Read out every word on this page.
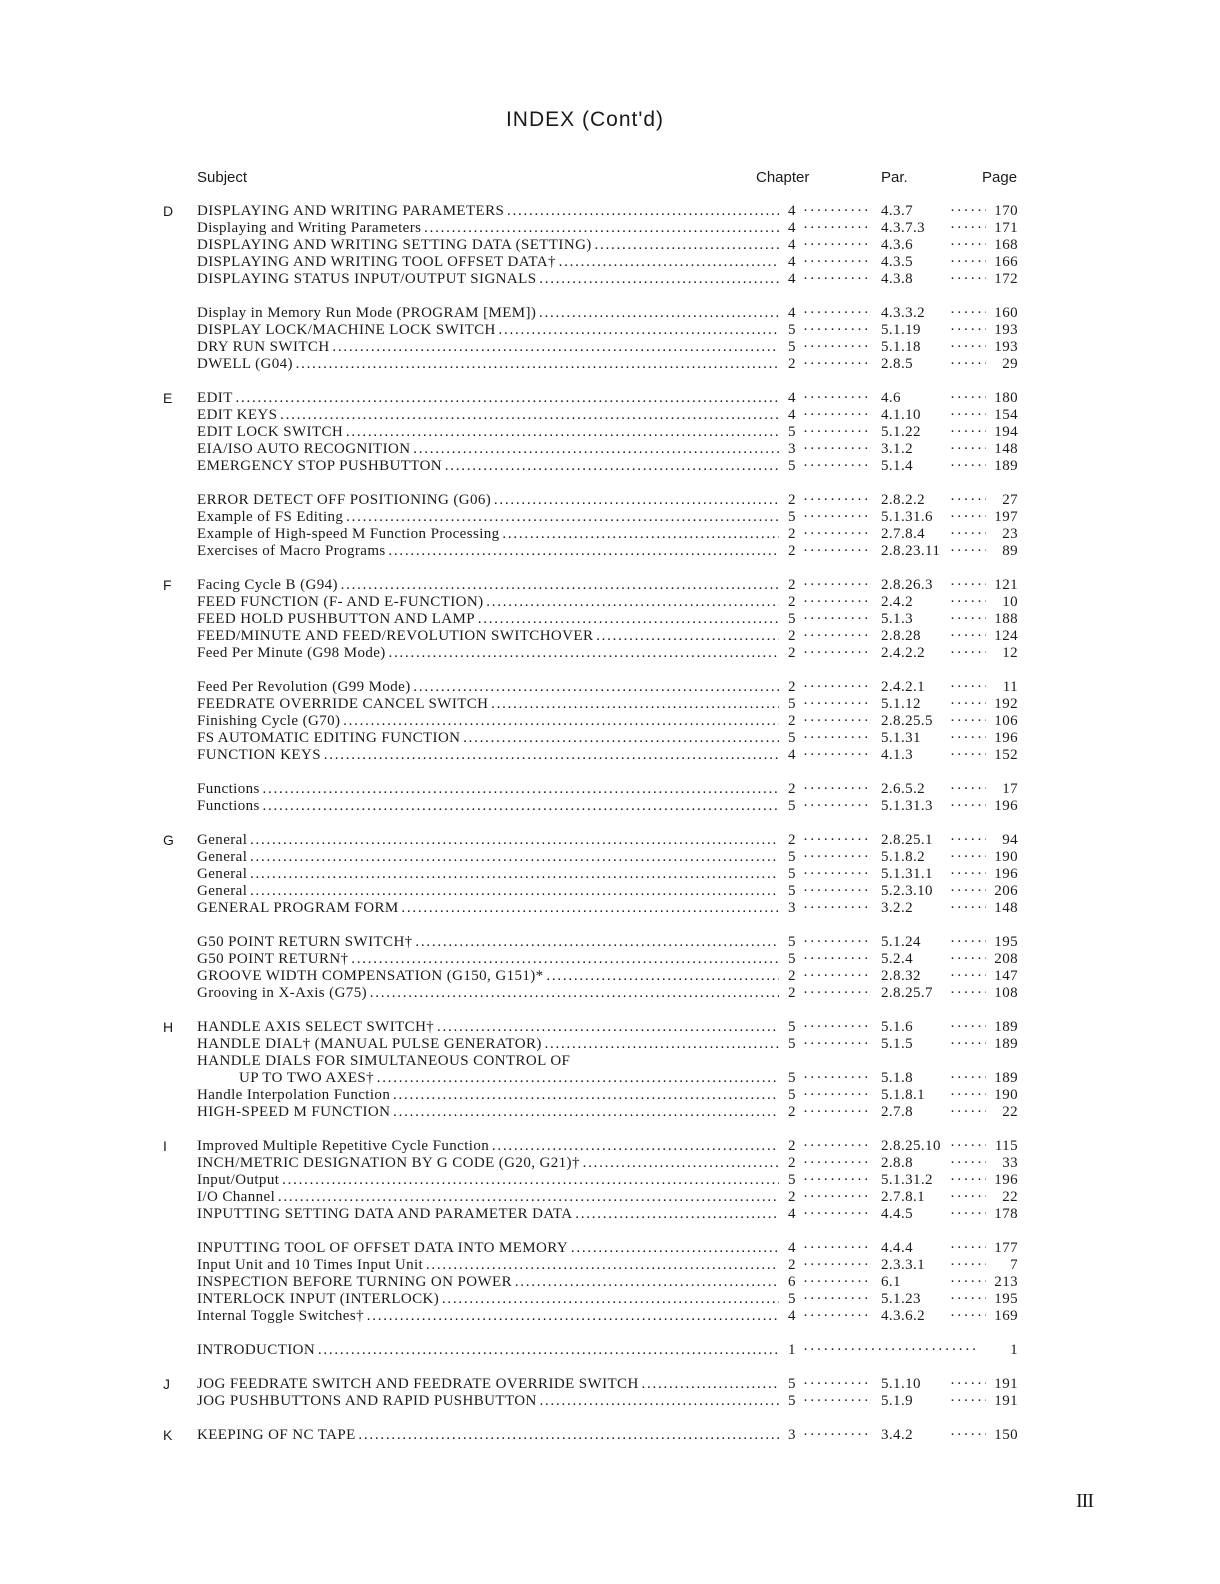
INDEX (Cont'd)
Subject	Chapter	Par.	Page
D DISPLAYING AND WRITING PARAMETERS . . .	4 · · ·	4.3.7 · · ·	170
Displaying and Writing Parameters . . .	4 · · ·	4.3.7.3 · · ·	171
DISPLAYING AND WRITING SETTING DATA (SETTING) . . .	4 · · ·	4.3.6 · · ·	168
DISPLAYING AND WRITING TOOL OFFSET DATA† . . .	4 · · ·	4.3.5 · · ·	166
DISPLAYING STATUS INPUT/OUTPUT SIGNALS . . .	4 · · ·	4.3.8 · · ·	172
Display in Memory Run Mode (PROGRAM [MEM]) . . .	4 · · ·	4.3.3.2 · · ·	160
DISPLAY LOCK/MACHINE LOCK SWITCH . . .	5 · · ·	5.1.19 · · ·	193
DRY RUN SWITCH . . .	5 · · ·	5.1.18 · · ·	193
DWELL (G04) . . .	2 · · ·	2.8.5 · · ·	29
E EDIT . . .	4 · · ·	4.6 · · ·	180
EDIT KEYS . . .	4 · · ·	4.1.10 · · ·	154
EDIT LOCK SWITCH . . .	5 · · ·	5.1.22 · · ·	194
EIA/ISO AUTO RECOGNITION . . .	3 · · ·	3.1.2 · · ·	148
EMERGENCY STOP PUSHBUTTON . . .	5 · · ·	5.1.4 · · ·	189
ERROR DETECT OFF POSITIONING (G06) . . .	2 · · ·	2.8.2.2 · · ·	27
Example of FS Editing . . .	5 · · ·	5.1.31.6 · · ·	197
Example of High-speed M Function Processing . . .	2 · · ·	2.7.8.4 · · ·	23
Exercises of Macro Programs . . .	2 · · ·	2.8.23.11 · · ·	89
F Facing Cycle B (G94) . . .	2 · · ·	2.8.26.3 · · ·	121
FEED FUNCTION (F- AND E-FUNCTION) . . .	2 · · ·	2.4.2 · · ·	10
FEED HOLD PUSHBUTTON AND LAMP . . .	5 · · ·	5.1.3 · · ·	188
FEED/MINUTE AND FEED/REVOLUTION SWITCHOVER . . .	2 · · ·	2.8.28 · · ·	124
Feed Per Minute (G98 Mode) . . .	2 · · ·	2.4.2.2 · · ·	12
Feed Per Revolution (G99 Mode) . . .	2 · · ·	2.4.2.1 · · ·	11
FEEDRATE OVERRIDE CANCEL SWITCH . . .	5 · · ·	5.1.12 · · ·	192
Finishing Cycle (G70) . . .	2 · · ·	2.8.25.5 · · ·	106
FS AUTOMATIC EDITING FUNCTION . . .	5 · · ·	5.1.31 · · ·	196
FUNCTION KEYS . . .	4 · · ·	4.1.3 · · ·	152
Functions . . .	2 · · ·	2.6.5.2 · · ·	17
Functions . . .	5 · · ·	5.1.31.3 · · ·	196
G General . . .	2 · · ·	2.8.25.1 · · ·	94
General . . .	5 · · ·	5.1.8.2 · · ·	190
General . . .	5 · · ·	5.1.31.1 · · ·	196
General . . .	5 · · ·	5.2.3.10 · · ·	206
GENERAL PROGRAM FORM . . .	3 · · ·	3.2.2 · · ·	148
G50 POINT RETURN SWITCH† . . .	5 · · ·	5.1.24 · · ·	195
G50 POINT RETURN† . . .	5 · · ·	5.2.4 · · ·	208
GROOVE WIDTH COMPENSATION (G150, G151)* . . .	2 · · ·	2.8.32 · · ·	147
Grooving in X-Axis (G75) . . .	2 · · ·	2.8.25.7 · · ·	108
H HANDLE AXIS SELECT SWITCH† . . .	5 · · ·	5.1.6 · · ·	189
HANDLE DIAL† (MANUAL PULSE GENERATOR) . . .	5 · · ·	5.1.5 · · ·	189
HANDLE DIALS FOR SIMULTANEOUS CONTROL OF
UP TO TWO AXES† . . .	5 · · ·	5.1.8 · · ·	189
Handle Interpolation Function . . .	5 · · ·	5.1.8.1 · · ·	190
HIGH-SPEED M FUNCTION . . .	2 · · ·	2.7.8 · · ·	22
I Improved Multiple Repetitive Cycle Function . . .	2 · · ·	2.8.25.10 · · ·	115
INCH/METRIC DESIGNATION BY G CODE (G20, G21)† . . .	2 · · ·	2.8.8 · · ·	33
Input/Output . . .	5 · · ·	5.1.31.2 · · ·	196
I/O Channel . . .	2 · · ·	2.7.8.1 · · ·	22
INPUTTING SETTING DATA AND PARAMETER DATA . . .	4 · · ·	4.4.5 · · ·	178
INPUTTING TOOL OF OFFSET DATA INTO MEMORY . . .	4 · · ·	4.4.4 · · ·	177
Input Unit and 10 Times Input Unit . . .	2 · · ·	2.3.3.1 · · ·	7
INSPECTION BEFORE TURNING ON POWER . . .	6 · · ·	6.1 · · ·	213
INTERLOCK INPUT (INTERLOCK) . . .	5 · · ·	5.1.23 · · ·	195
Internal Toggle Switches† . . .	4 · · ·	4.3.6.2 · · ·	169
INTRODUCTION . . .	1 · · ·	1
J JOG FEEDRATE SWITCH AND FEEDRATE OVERRIDE SWITCH . . .	5 · · ·	5.1.10 · · ·	191
JOG PUSHBUTTONS AND RAPID PUSHBUTTON . . .	5 · · ·	5.1.9 · · ·	191
K KEEPING OF NC TAPE . . .	3 · · ·	3.4.2 · · ·	150
III
